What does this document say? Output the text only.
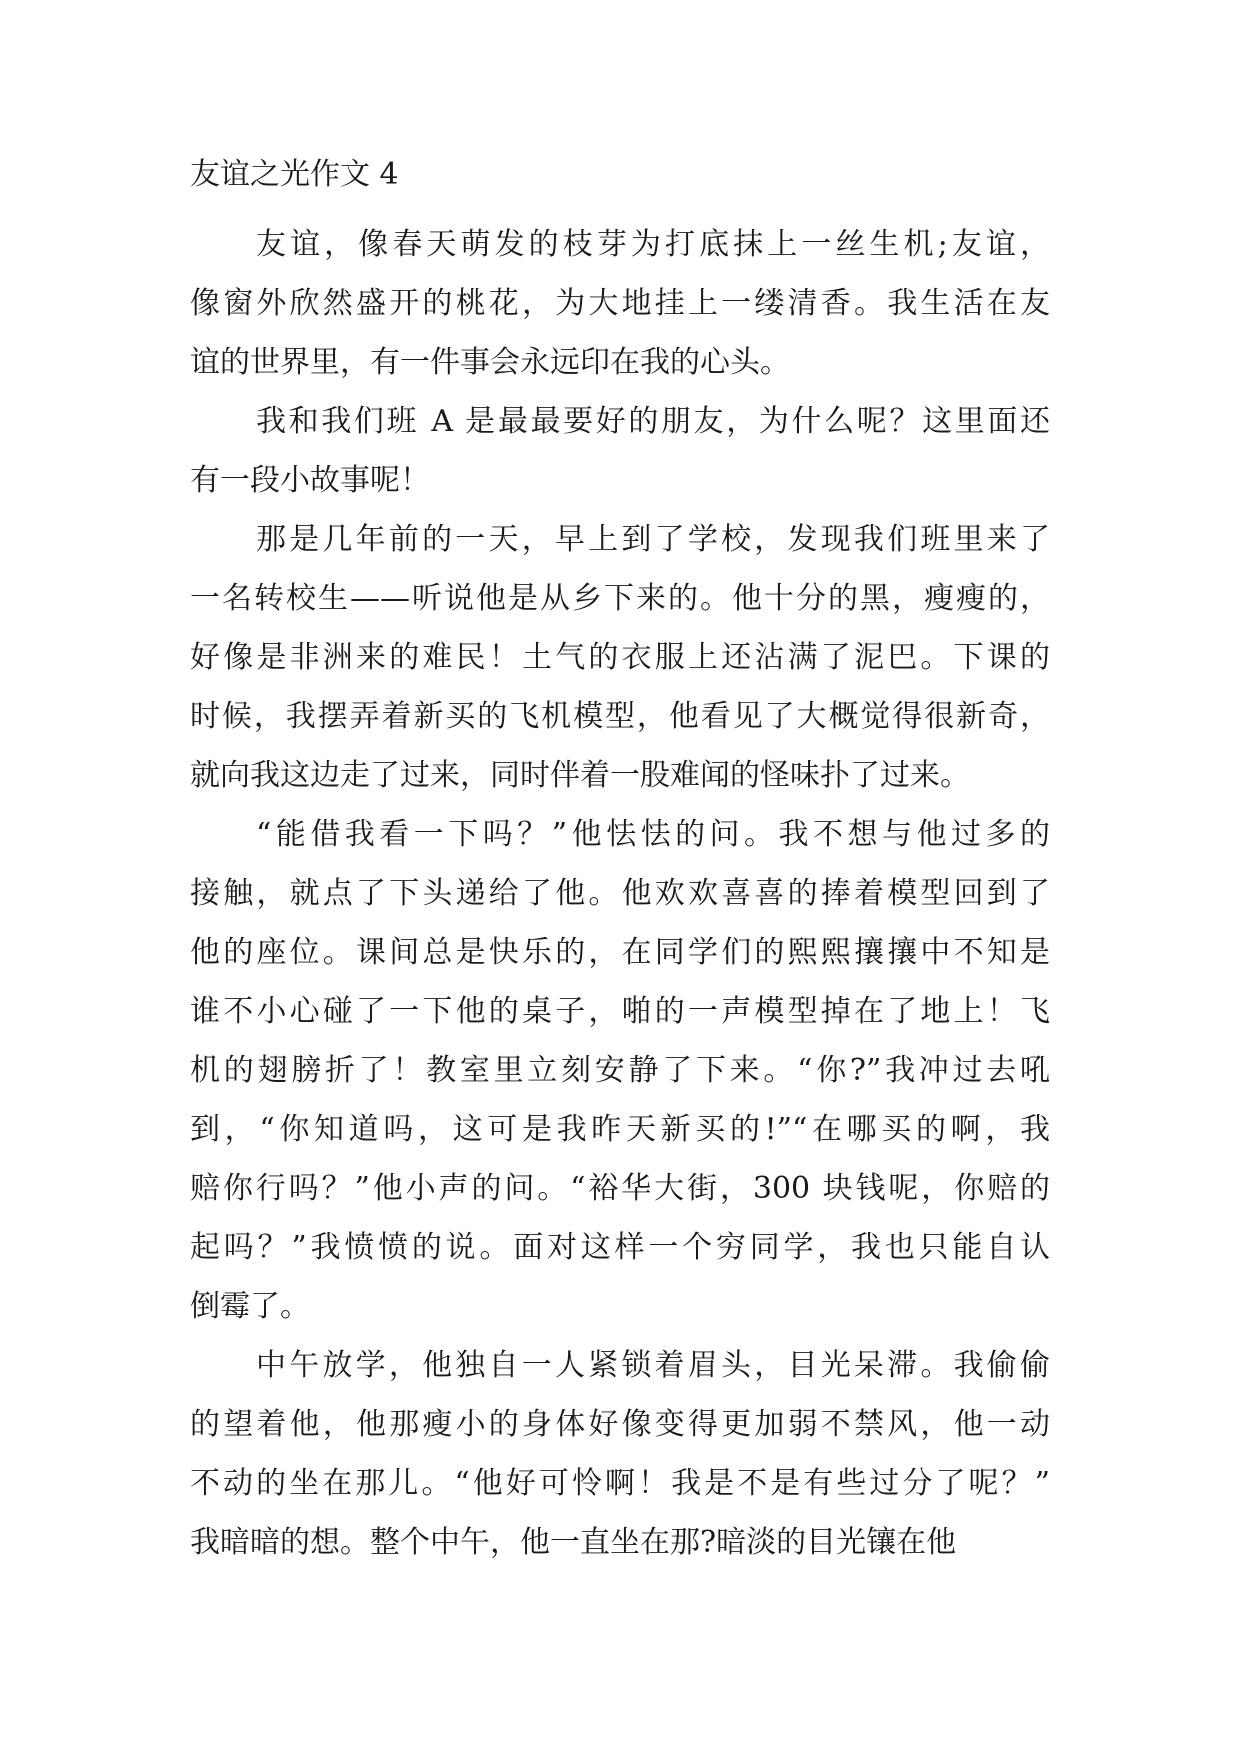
友谊之光作文 4
友谊，像春天萌发的枝芽为打底抹上一丝生机;友谊，
像窗外欣然盛开的桃花，为大地挂上一缕清香。我生活在友
谊的世界里，有一件事会永远印在我的心头。
我和我们班 A 是最最要好的朋友，为什么呢？这里面还
有一段小故事呢！
那是几年前的一天，早上到了学校，发现我们班里来了
一名转校生——听说他是从乡下来的。他十分的黑，瘦瘦的，
好像是非洲来的难民！土气的衣服上还沾满了泥巴。下课的
时候，我摆弄着新买的飞机模型，他看见了大概觉得很新奇，
就向我这边走了过来，同时伴着一股难闻的怪味扑了过来。
“能借我看一下吗？”他怯怯的问。我不想与他过多的
接触，就点了下头递给了他。他欢欢喜喜的捧着模型回到了
他的座位。课间总是快乐的，在同学们的熙熙攘攘中不知是
谁不小心碰了一下他的桌子，啪的一声模型掉在了地上！飞
机的翅膀折了！教室里立刻安静了下来。“你?”我冲过去吼
到，“你知道吗，这可是我昨天新买的!”“在哪买的啊，我
赔你行吗？”他小声的问。“裕华大街，300 块钱呢，你赔的
起吗？”我愤愤的说。面对这样一个穷同学，我也只能自认
倒霉了。
中午放学，他独自一人紧锁着眉头，目光呆滞。我偷偷
的望着他，他那瘦小的身体好像变得更加弱不禁风，他一动
不动的坐在那儿。“他好可怜啊！我是不是有些过分了呢？”
我暗暗的想。整个中午，他一直坐在那?暗淡的目光镶在他
